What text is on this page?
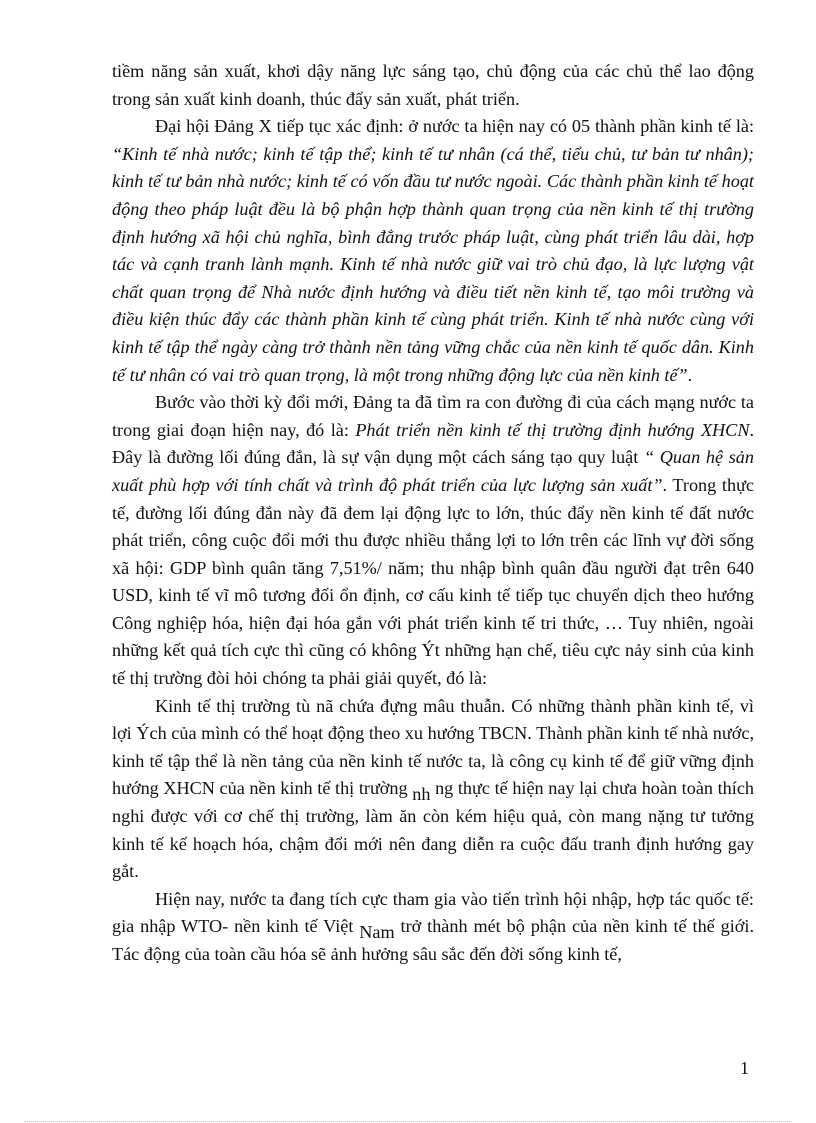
tiềm năng sản xuất, khơi dậy năng lực sáng tạo, chủ động của các chủ thể lao động trong sản xuất kinh doanh, thúc đẩy sản xuất, phát triển.

Đại hội Đảng X tiếp tục xác định: ở nước ta hiện nay có 05 thành phần kinh tế là: “Kinh tế nhà nước; kinh tế tập thể; kinh tế tư nhân (cá thể, tiểu chủ, tư bản tư nhân); kinh tế tư bản nhà nước; kinh tế có vốn đầu tư nước ngoài. Các thành phần kinh tế hoạt động theo pháp luật đều là bộ phận hợp thành quan trọng của nền kinh tế thị trường định hướng xã hội chủ nghĩa, bình đẳng trước pháp luật, cùng phát triển lâu dài, hợp tác và cạnh tranh lành mạnh. Kinh tế nhà nước giữ vai trò chủ đạo, là lực lượng vật chất quan trọng để Nhà nước định hướng và điều tiết nền kinh tế, tạo môi trường và điều kiện thúc đẩy các thành phần kinh tế cùng phát triển. Kinh tế nhà nước cùng với kinh tế tập thể ngày càng trở thành nền tảng vững chắc của nền kinh tế quốc dân. Kinh tế tư nhân có vai trò quan trọng, là một trong những động lực của nền kinh tế”.

Bước vào thời kỳ đổi mới, Đảng ta đã tìm ra con đường đi của cách mạng nước ta trong giai đoạn hiện nay, đó là: Phát triển nền kinh tế thị trường định hướng XHCN. Đây là đường lối đúng đắn, là sự vận dụng một cách sáng tạo quy luật “ Quan hệ sản xuất phù hợp với tính chất và trình độ phát triển của lực lượng sản xuất”. Trong thực tế, đường lối đúng đắn này đã đem lại động lực to lớn, thúc đẩy nền kinh tế đất nước phát triển, công cuộc đổi mới thu được nhiều thắng lợi to lớn trên các lĩnh vự đời sống xã hội: GDP bình quân tăng 7,51%/ năm; thu nhập bình quân đầu người đạt trên 640 USD, kinh tế vĩ mô tương đối ổn định, cơ cấu kinh tế tiếp tục chuyển dịch theo hướng Công nghiệp hóa, hiện đại hóa gắn với phát triển kinh tế tri thức, … Tuy nhiên, ngoài những kết quả tích cực thì cũng có không Ýt những hạn chế, tiêu cực nảy sinh của kinh tế thị trường đòi hỏi chóng ta phải giải quyết, đó là:

Kinh tế thị trường tù nã chứa đựng mâu thuẫn. Có những thành phần kinh tế, vì lợi Ých của mình có thể hoạt động theo xu hướng TBCN. Thành phần kinh tế nhà nước, kinh tế tập thể là nền tảng của nền kinh tế nước ta, là công cụ kinh tế để giữ vững định hướng XHCN của nền kinh tế thị trường nh ng thực tế hiện nay lại chưa hoàn toàn thích nghi được với cơ chế thị trường, làm ăn còn kém hiệu quả, còn mang nặng tư tưởng kinh tế kế hoạch hóa, chậm đổi mới nên đang diễn ra cuộc đấu tranh định hướng gay gắt.

Hiện nay, nước ta đang tích cực tham gia vào tiến trình hội nhập, hợp tác quốc tế: gia nhập WTO- nền kinh tế Việt Nam trở thành mét bộ phận của nền kinh tế thế giới. Tác động của toàn cầu hóa sẽ ảnh hưởng sâu sắc đến đời sống kinh tế,

1
